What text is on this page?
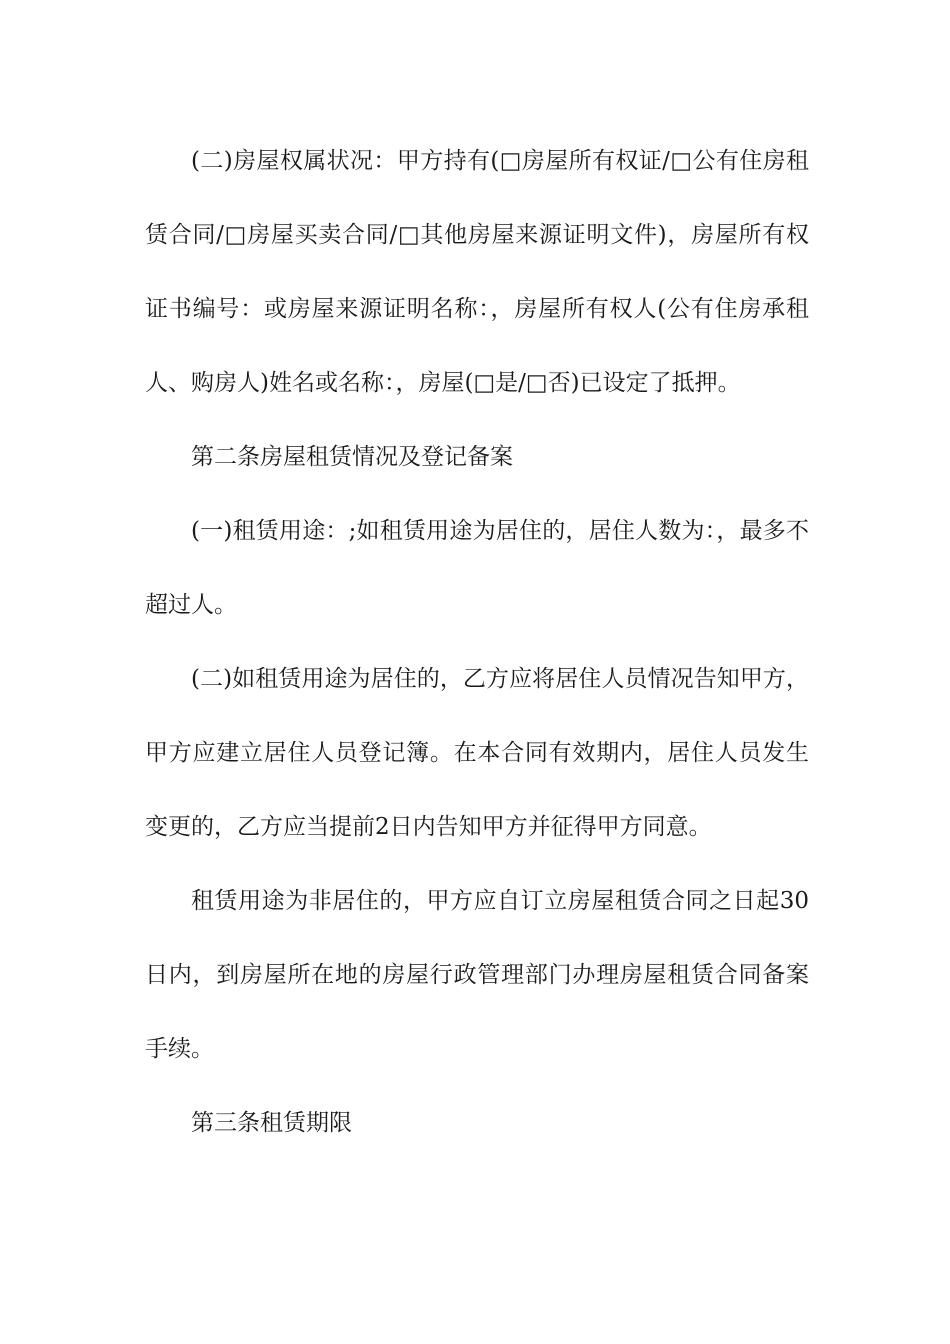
(二)房屋权属状况：甲方持有(□房屋所有权证/□公有住房租赁合同/□房屋买卖合同/□其他房屋来源证明文件)，房屋所有权证书编号：或房屋来源证明名称：，房屋所有权人(公有住房承租人、购房人)姓名或名称：，房屋(□是/□否)已设定了抵押。

第二条房屋租赁情况及登记备案

(一)租赁用途：;如租赁用途为居住的，居住人数为：，最多不超过人。

(二)如租赁用途为居住的，乙方应将居住人员情况告知甲方，甲方应建立居住人员登记簿。在本合同有效期内，居住人员发生变更的，乙方应当提前2日内告知甲方并征得甲方同意。

租赁用途为非居住的，甲方应自订立房屋租赁合同之日起30日内，到房屋所在地的房屋行政管理部门办理房屋租赁合同备案手续。

第三条租赁期限
